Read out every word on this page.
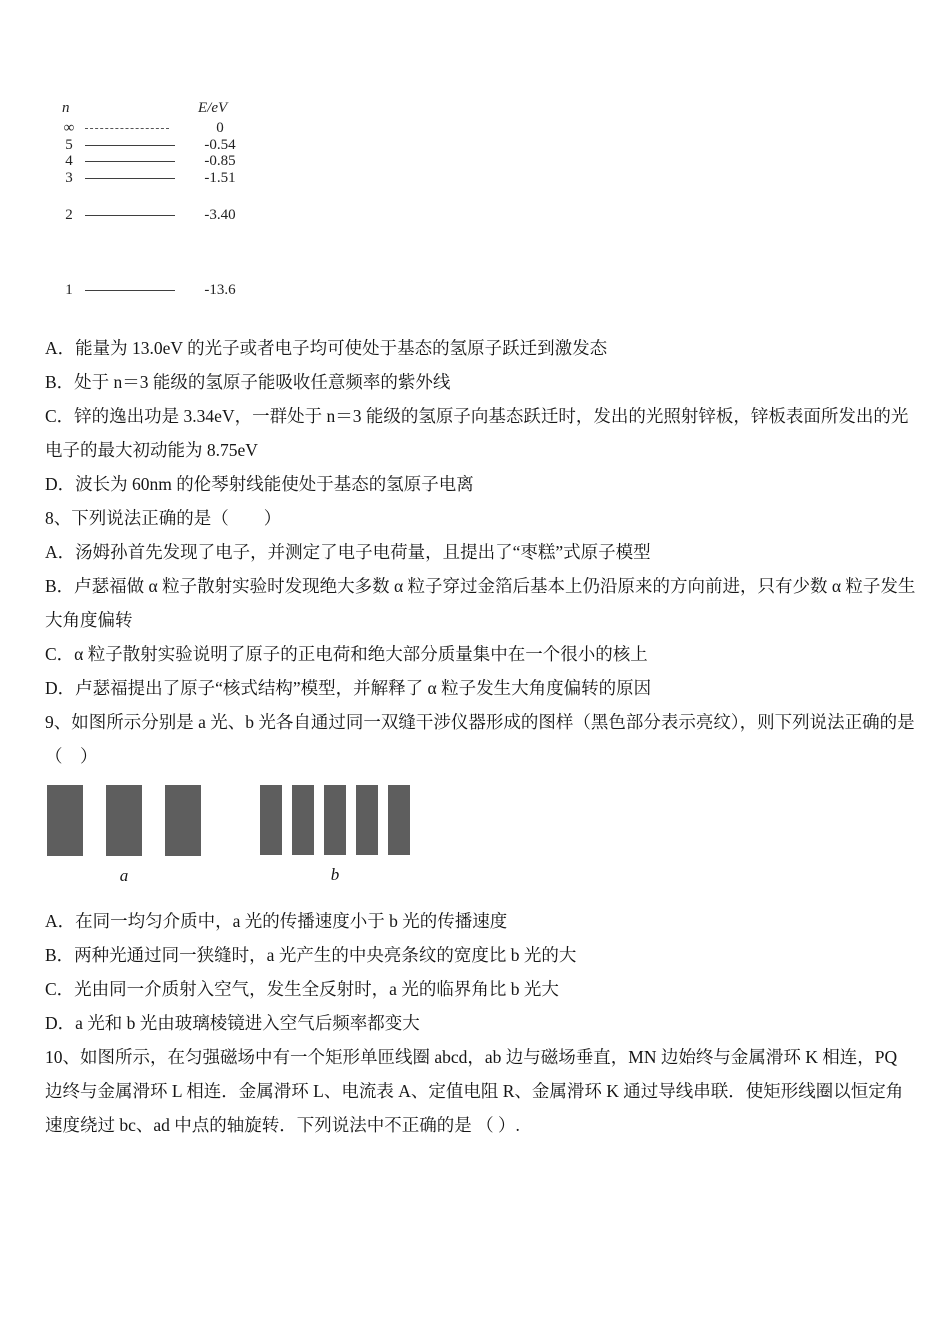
n	E/eV
∞	0
5	-0.54
4	-0.85
3	-1.51
2	-3.40
1	-13.6

A．能量为 13.0eV 的光子或者电子均可使处于基态的氢原子跃迁到激发态

B．处于 n＝3 能级的氢原子能吸收任意频率的紫外线

C．锌的逸出功是 3.34eV，一群处于 n＝3 能级的氢原子向基态跃迁时，发出的光照射锌板，锌板表面所发出的光电子的最大初动能为 8.75eV

D．波长为 60nm 的伦琴射线能使处于基态的氢原子电离

8、下列说法正确的是（　　）

A．汤姆孙首先发现了电子，并测定了电子电荷量，且提出了“枣糕”式原子模型

B．卢瑟福做 α 粒子散射实验时发现绝大多数 α 粒子穿过金箔后基本上仍沿原来的方向前进，只有少数 α 粒子发生大角度偏转

C．α 粒子散射实验说明了原子的正电荷和绝大部分质量集中在一个很小的核上

D．卢瑟福提出了原子“核式结构”模型，并解释了 α 粒子发生大角度偏转的原因

9、如图所示分别是 a 光、b 光各自通过同一双缝干涉仪器形成的图样（黑色部分表示亮纹），则下列说法正确的是（　）

a	b

A．在同一均匀介质中，a 光的传播速度小于 b 光的传播速度

B．两种光通过同一狭缝时，a 光产生的中央亮条纹的宽度比 b 光的大

C．光由同一介质射入空气，发生全反射时，a 光的临界角比 b 光大

D．a 光和 b 光由玻璃棱镜进入空气后频率都变大

10、如图所示，在匀强磁场中有一个矩形单匝线圈 abcd，ab 边与磁场垂直，MN 边始终与金属滑环 K 相连，PQ 边终与金属滑环 L 相连．金属滑环 L、电流表 A、定值电阻 R、金属滑环 K 通过导线串联．使矩形线圈以恒定角速度绕过 bc、ad 中点的轴旋转．下列说法中不正确的是 （ ）.
